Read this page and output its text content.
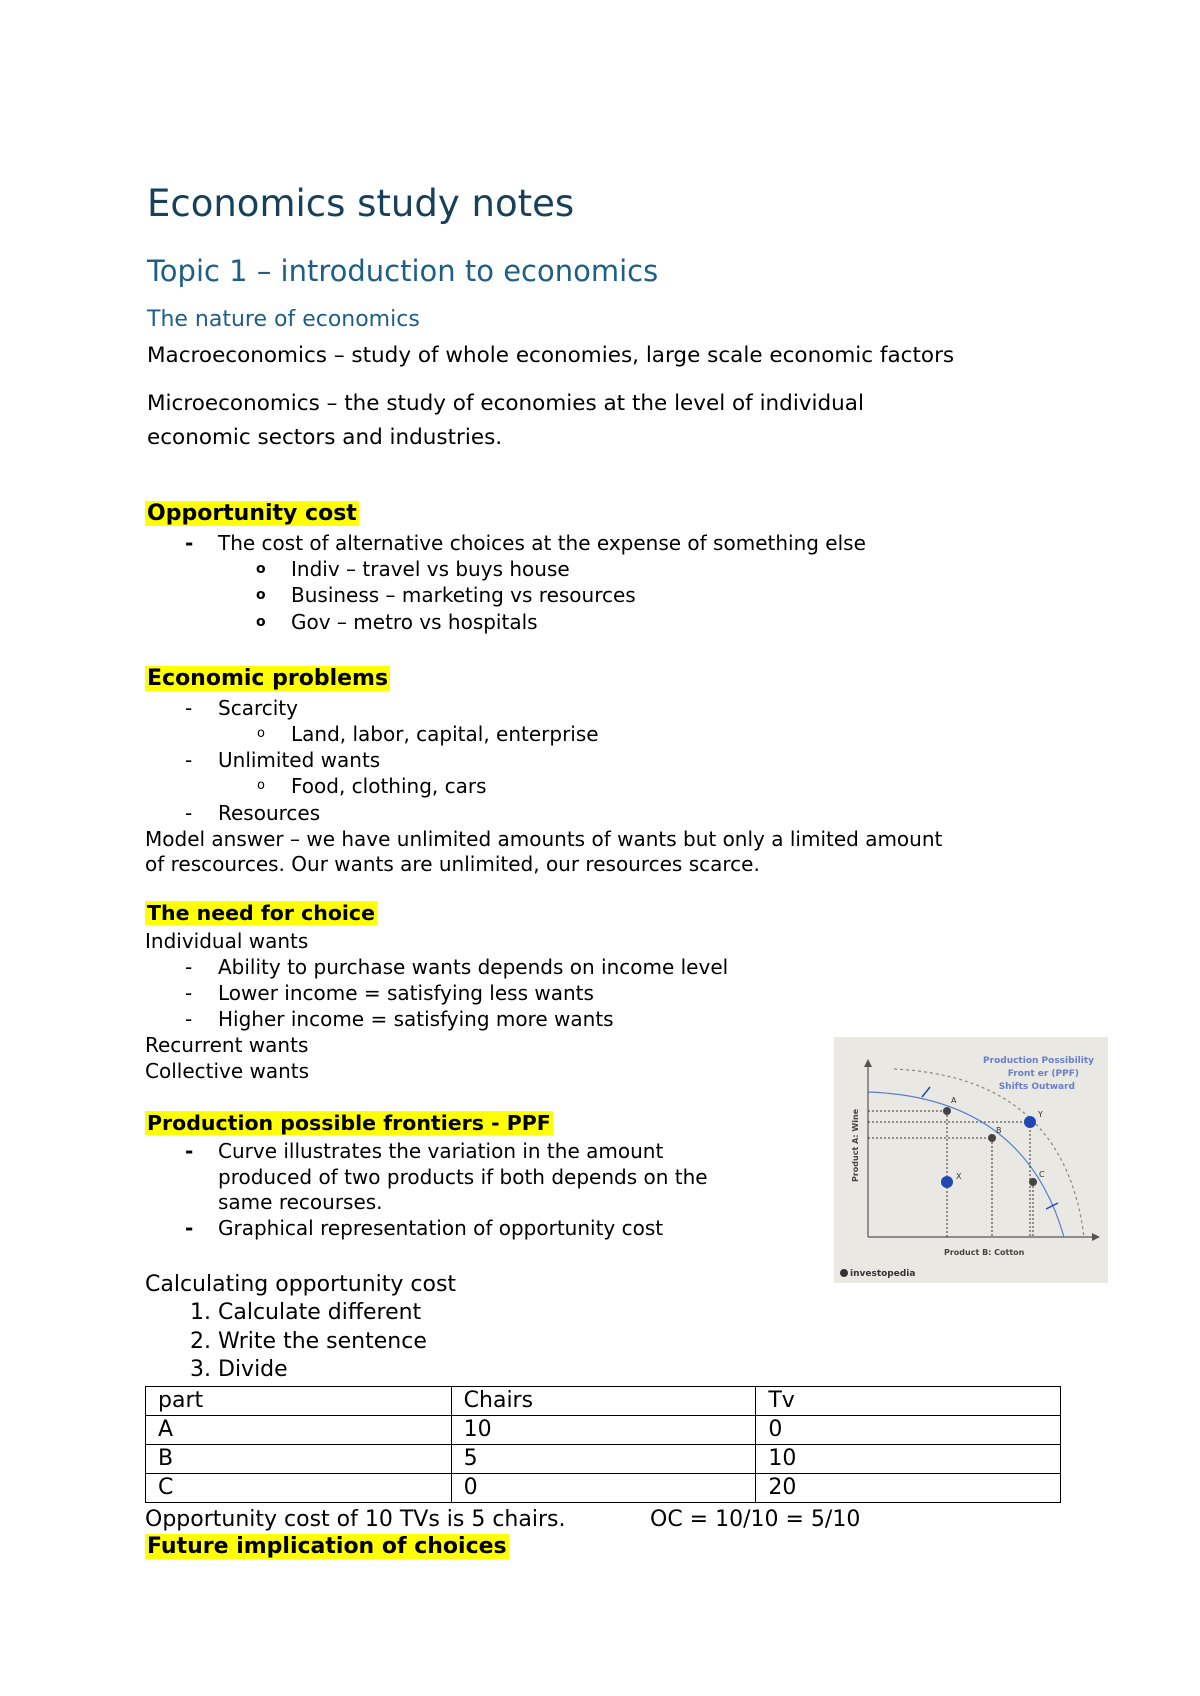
Economics study notes
Topic 1 – introduction to economics
The nature of economics
Macroeconomics – study of whole economies, large scale economic factors
Microeconomics – the study of economies at the level of individual
economic sectors and industries.
Opportunity cost
- The cost of alternative choices at the expense of something else
o Indiv – travel vs buys house
o Business – marketing vs resources
o Gov – metro vs hospitals
Economic problems
- Scarcity
o Land, labor, capital, enterprise
- Unlimited wants
o Food, clothing, cars
- Resources
Model answer – we have unlimited amounts of wants but only a limited amount
of rescources. Our wants are unlimited, our resources scarce.
The need for choice
Individual wants
- Ability to purchase wants depends on income level
- Lower income = satisfying less wants
- Higher income = satisfying more wants
Recurrent wants
Collective wants
Production possible frontiers - PPF
- Curve illustrates the variation in the amount
produced of two products if both depends on the
same recourses.
- Graphical representation of opportunity cost
A
B
C
X
Y
Production Possibility
Front er (PPF)
Shifts Outward
Product A: Wine
Product B: Cotton
investopedia
Calculating opportunity cost
1. Calculate different
2. Write the sentence
3. Divide
part	Chairs	Tv
A	10	0
B	5	10
C	0	20
Opportunity cost of 10 TVs is 5 chairs.	OC = 10/10 = 5/10
Future implication of choices
